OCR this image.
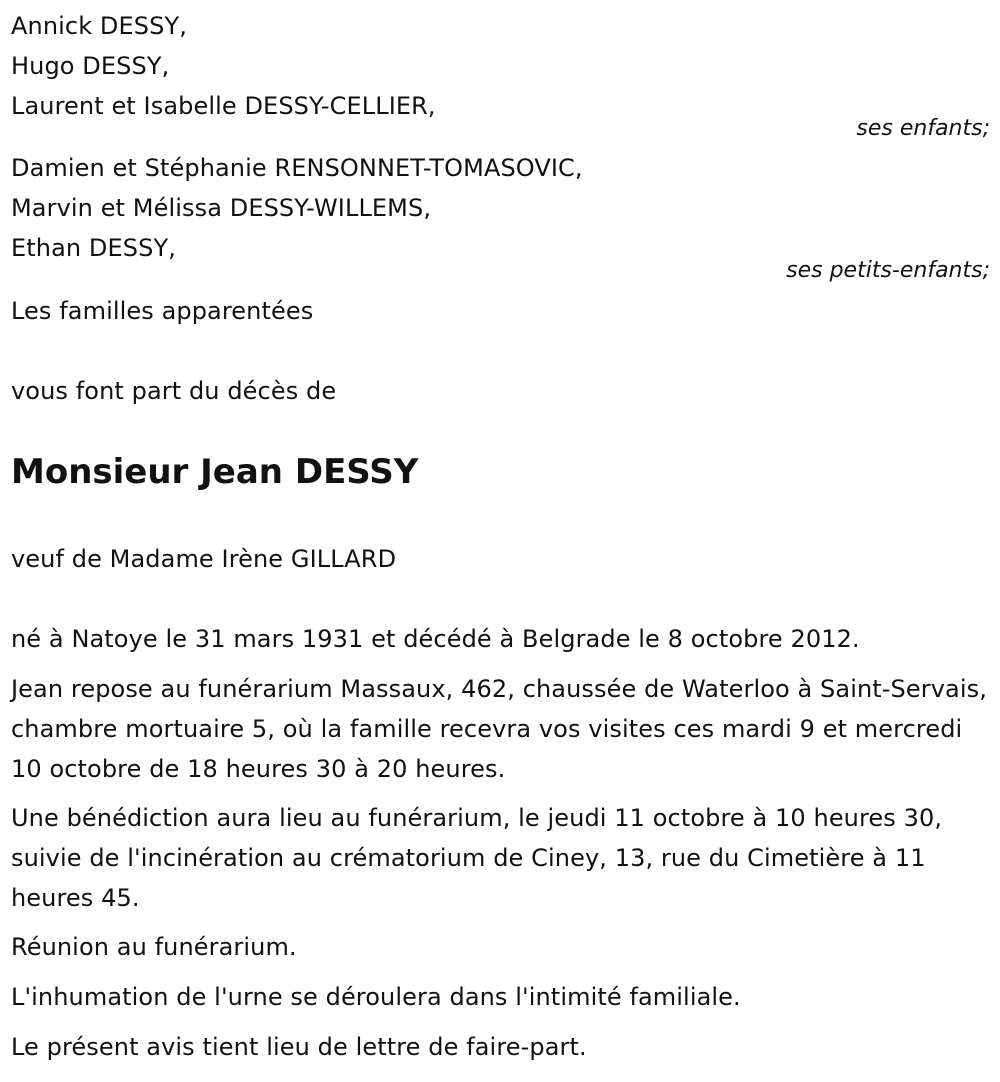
Annick DESSY,
Hugo DESSY,
Laurent et Isabelle DESSY-CELLIER,
ses enfants;
Damien et Stéphanie RENSONNET-TOMASOVIC,
Marvin et Mélissa DESSY-WILLEMS,
Ethan DESSY,
ses petits-enfants;
Les familles apparentées
vous font part du décès de
Monsieur Jean DESSY
veuf de Madame Irène GILLARD
né à Natoye le 31 mars 1931 et décédé à Belgrade le 8 octobre 2012.
Jean repose au funérarium Massaux, 462, chaussée de Waterloo à Saint-Servais, chambre mortuaire 5, où la famille recevra vos visites ces mardi 9 et mercredi 10 octobre de 18 heures 30 à 20 heures.
Une bénédiction aura lieu au funérarium, le jeudi 11 octobre à 10 heures 30, suivie de l'incinération au crématorium de Ciney, 13, rue du Cimetière à 11 heures 45.
Réunion au funérarium.
L'inhumation de l'urne se déroulera dans l'intimité familiale.
Le présent avis tient lieu de lettre de faire-part.
